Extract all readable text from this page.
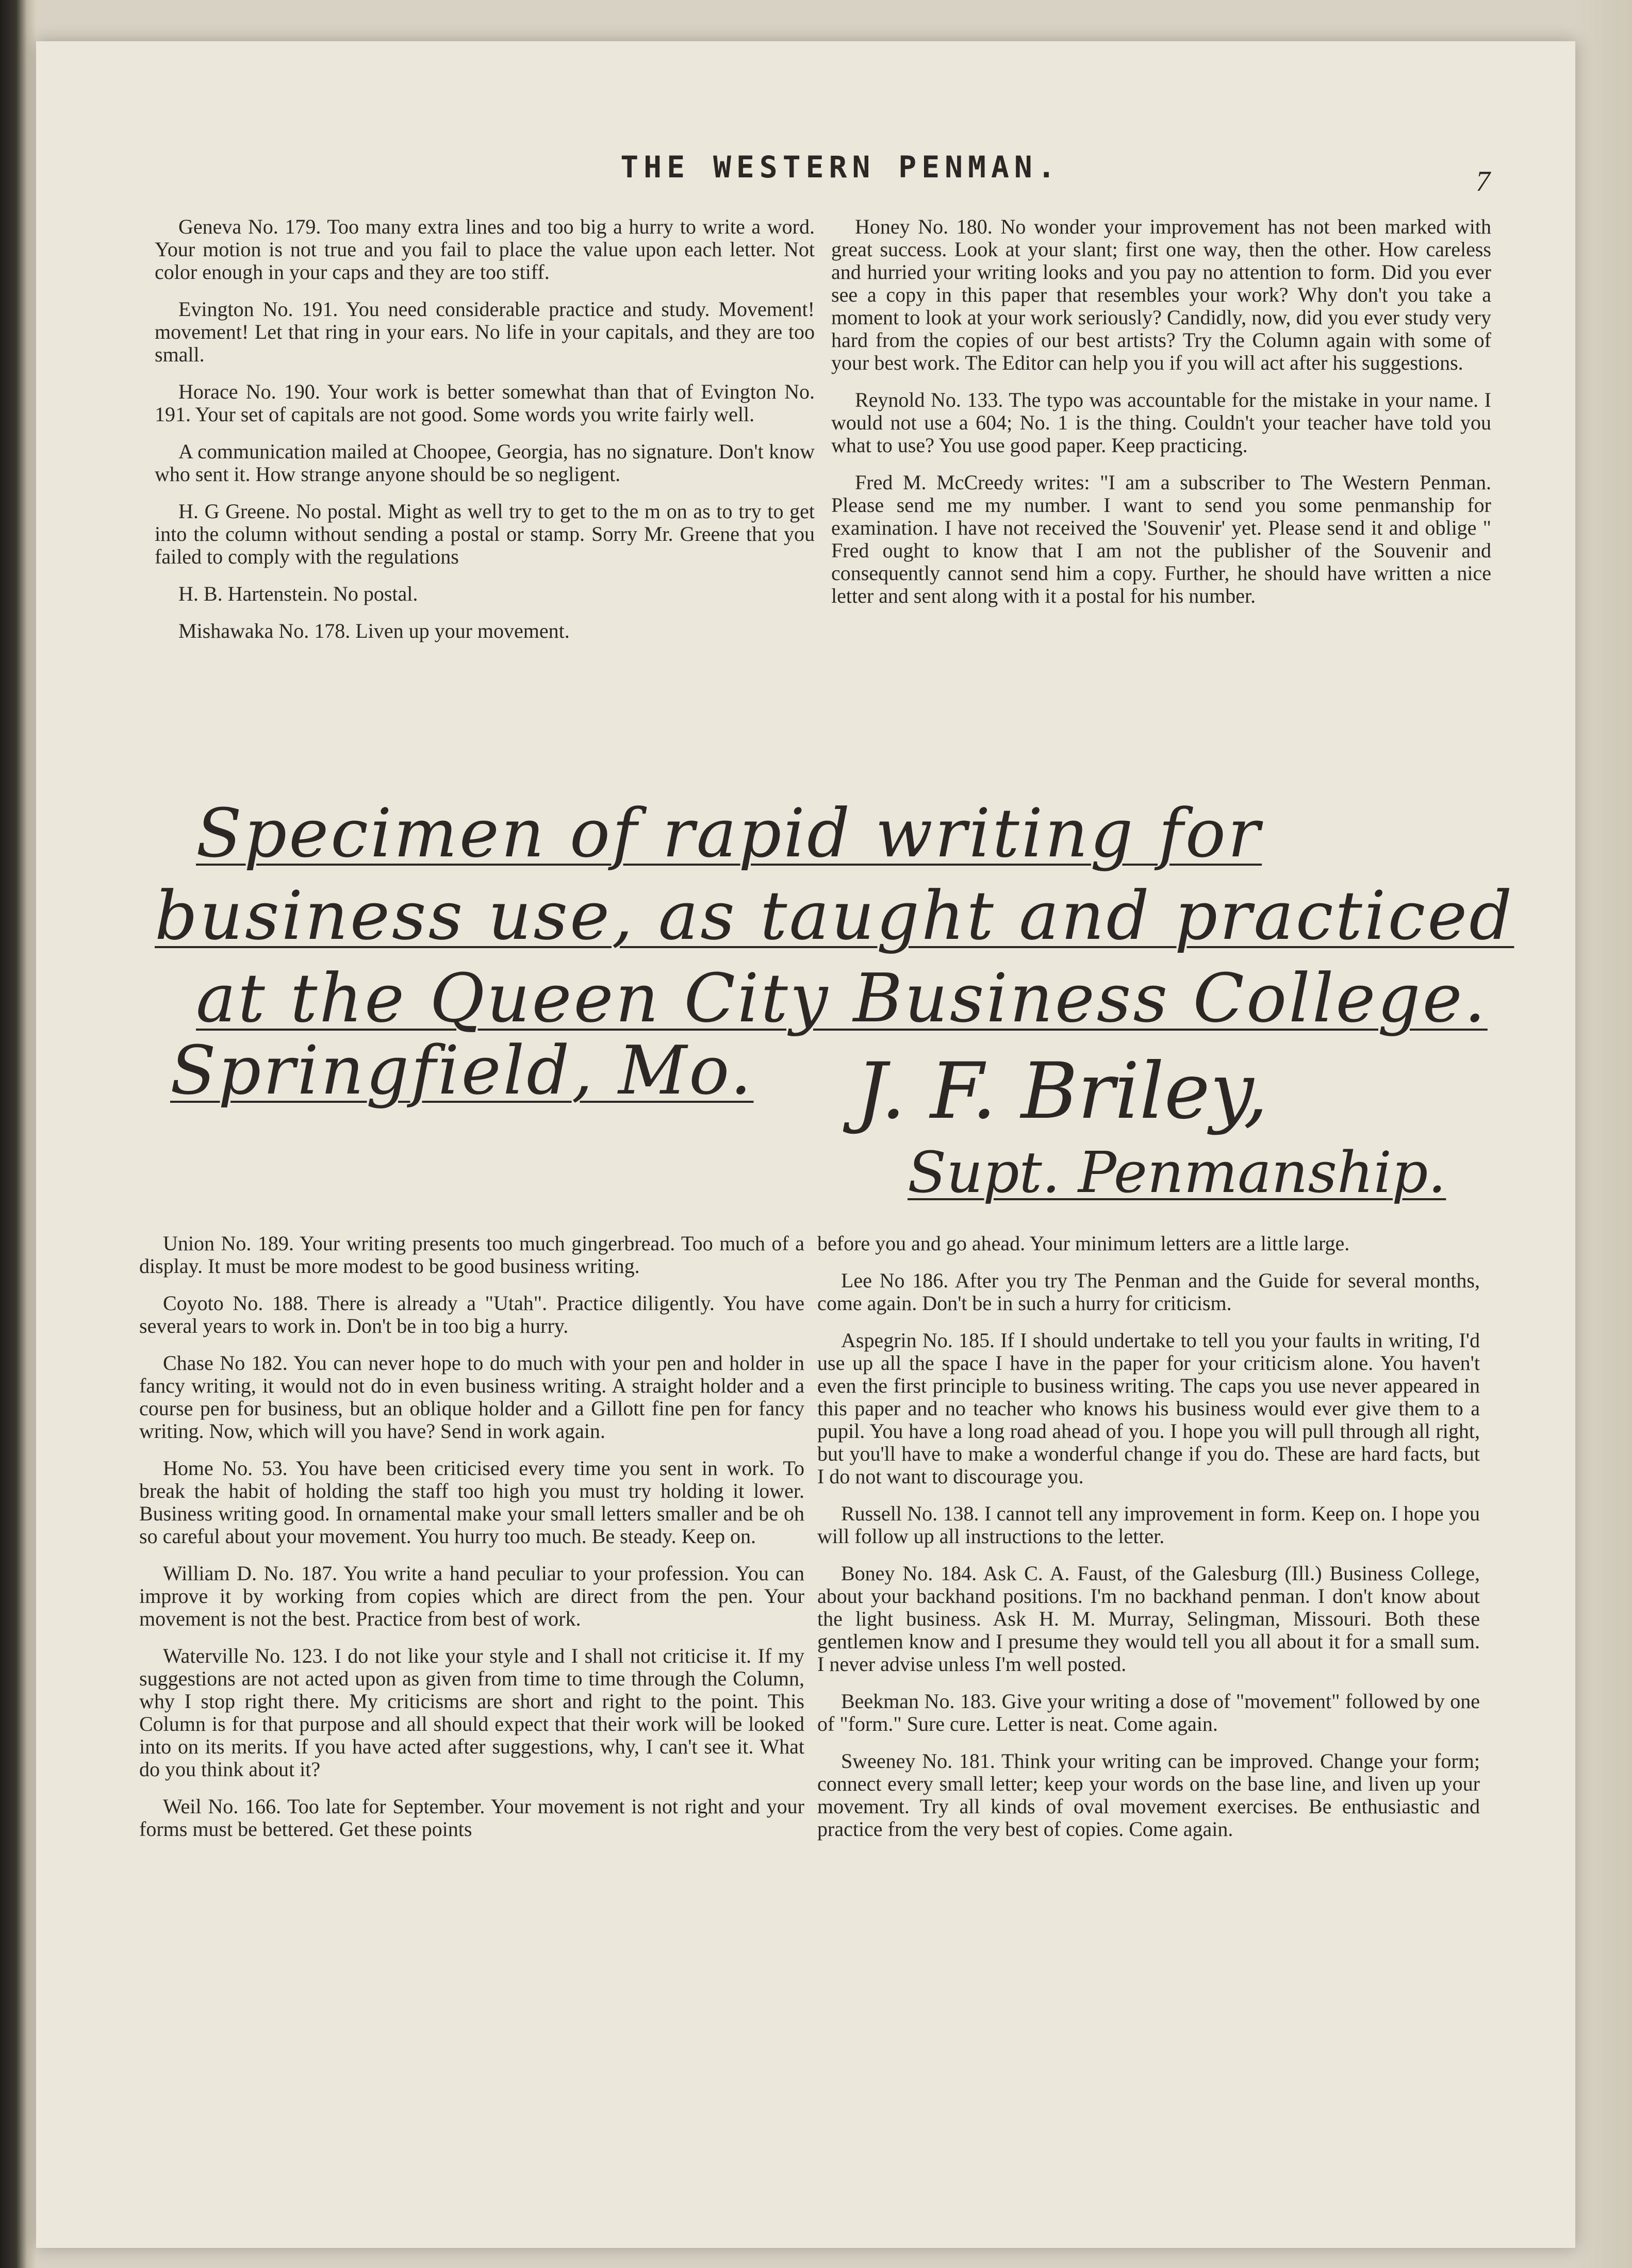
THE WESTERN PENMAN.	7

Geneva No. 179. Too many extra lines and too big a hurry to write a word. Your motion is not true and you fail to place the value upon each letter. Not color enough in your caps and they are too stiff.

Evington No. 191. You need considerable practice and study. Movement! movement! Let that ring in your ears. No life in your capitals, and they are too small.

Horace No. 190. Your work is better somewhat than that of Evington No. 191. Your set of capitals are not good. Some words you write fairly well.

A communication mailed at Choopee, Georgia, has no signature. Don't know who sent it. How strange anyone should be so negligent.

H. G Greene. No postal. Might as well try to get to the m on as to try to get into the column without sending a postal or stamp. Sorry Mr. Greene that you failed to comply with the regulations

H. B. Hartenstein. No postal.

Mishawaka No. 178. Liven up your movement.

Honey No. 180. No wonder your improvement has not been marked with great success. Look at your slant; first one way, then the other. How careless and hurried your writing looks and you pay no attention to form. Did you ever see a copy in this paper that resembles your work? Why don't you take a moment to look at your work seriously? Candidly, now, did you ever study very hard from the copies of our best artists? Try the Column again with some of your best work. The Editor can help you if you will act after his suggestions.

Reynold No. 133. The typo was accountable for the mistake in your name. I would not use a 604; No. 1 is the thing. Couldn't your teacher have told you what to use? You use good paper. Keep practicing.

Fred M. McCreedy writes: "I am a subscriber to The Western Penman. Please send me my number. I want to send you some penmanship for examination. I have not received the 'Souvenir' yet. Please send it and oblige " Fred ought to know that I am not the publisher of the Souvenir and consequently cannot send him a copy. Further, he should have written a nice letter and sent along with it a postal for his number.

Specimen of rapid writing for
business use, as taught and practiced
at the Queen City Business College.
Springfield, Mo. J. F. Briley,
Supt. Penmanship.

Union No. 189. Your writing presents too much gingerbread. Too much of a display. It must be more modest to be good business writing.

Coyoto No. 188. There is already a "Utah". Practice diligently. You have several years to work in. Don't be in too big a hurry.

Chase No 182. You can never hope to do much with your pen and holder in fancy writing, it would not do in even business writing. A straight holder and a course pen for business, but an oblique holder and a Gillott fine pen for fancy writing. Now, which will you have? Send in work again.

Home No. 53. You have been criticised every time you sent in work. To break the habit of holding the staff too high you must try holding it lower. Business writing good. In ornamental make your small letters smaller and be oh so careful about your movement. You hurry too much. Be steady. Keep on.

William D. No. 187. You write a hand peculiar to your profession. You can improve it by working from copies which are direct from the pen. Your movement is not the best. Practice from best of work.

Waterville No. 123. I do not like your style and I shall not criticise it. If my suggestions are not acted upon as given from time to time through the Column, why I stop right there. My criticisms are short and right to the point. This Column is for that purpose and all should expect that their work will be looked into on its merits. If you have acted after suggestions, why, I can't see it. What do you think about it?

Weil No. 166. Too late for September. Your movement is not right and your forms must be bettered. Get these points

before you and go ahead. Your minimum letters are a little large.

Lee No 186. After you try The Penman and the Guide for several months, come again. Don't be in such a hurry for criticism.

Aspegrin No. 185. If I should undertake to tell you your faults in writing, I'd use up all the space I have in the paper for your criticism alone. You haven't even the first principle to business writing. The caps you use never appeared in this paper and no teacher who knows his business would ever give them to a pupil. You have a long road ahead of you. I hope you will pull through all right, but you'll have to make a wonderful change if you do. These are hard facts, but I do not want to discourage you.

Russell No. 138. I cannot tell any improvement in form. Keep on. I hope you will follow up all instructions to the letter.

Boney No. 184. Ask C. A. Faust, of the Galesburg (Ill.) Business College, about your backhand positions. I'm no backhand penman. I don't know about the light business. Ask H. M. Murray, Selingman, Missouri. Both these gentlemen know and I presume they would tell you all about it for a small sum. I never advise unless I'm well posted.

Beekman No. 183. Give your writing a dose of "movement" followed by one of "form." Sure cure. Letter is neat. Come again.

Sweeney No. 181. Think your writing can be improved. Change your form; connect every small letter; keep your words on the base line, and liven up your movement. Try all kinds of oval movement exercises. Be enthusiastic and practice from the very best of copies. Come again.
